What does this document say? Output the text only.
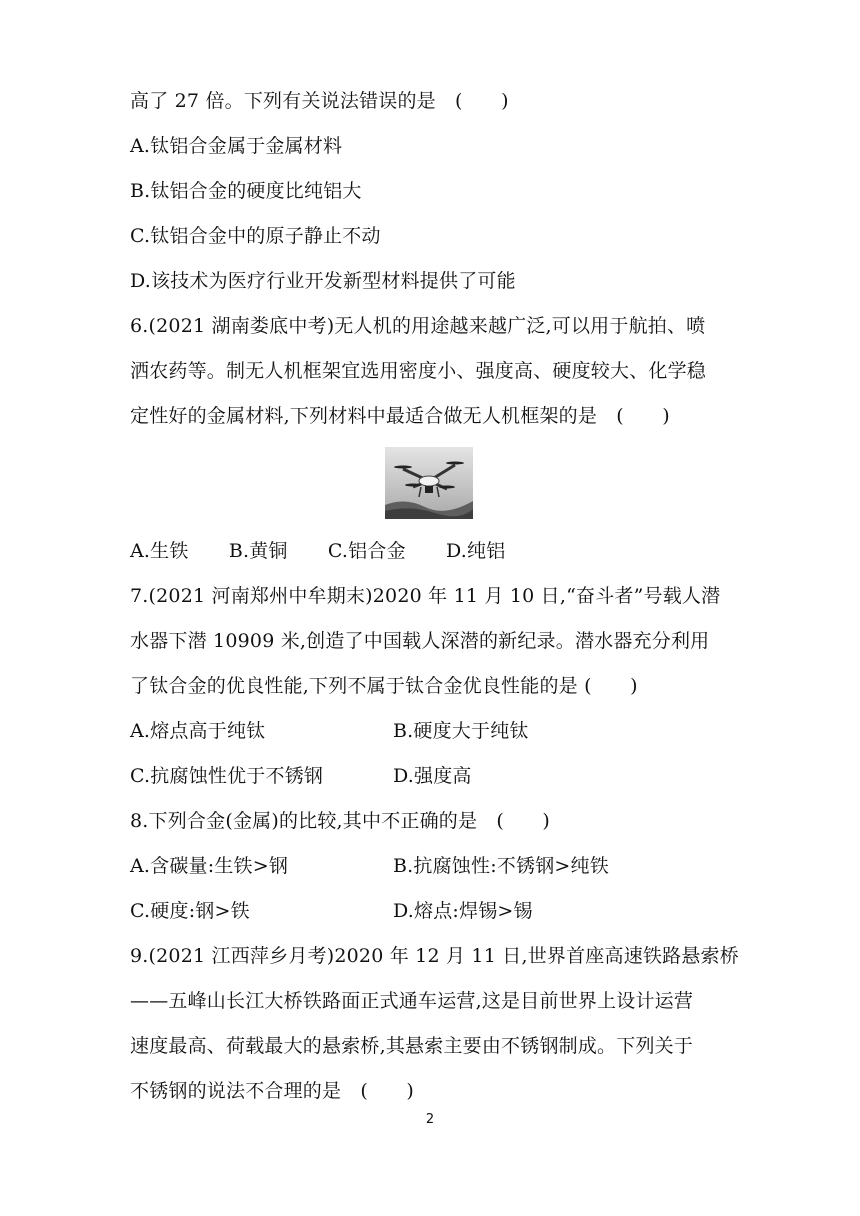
高了 27 倍。下列有关说法错误的是　(　　)
A.钛铝合金属于金属材料
B.钛铝合金的硬度比纯铝大
C.钛铝合金中的原子静止不动
D.该技术为医疗行业开发新型材料提供了可能
6.(2021 湖南娄底中考)无人机的用途越来越广泛,可以用于航拍、喷
洒农药等。制无人机框架宜选用密度小、强度高、硬度较大、化学稳
定性好的金属材料,下列材料中最适合做无人机框架的是　(　　)
A.生铁 B.黄铜 C.铝合金 D.纯铝
7.(2021 河南郑州中牟期末)2020 年 11 月 10 日,“奋斗者”号载人潜
水器下潜 10909 米,创造了中国载人深潜的新纪录。潜水器充分利用
了钛合金的优良性能,下列不属于钛合金优良性能的是 (　　)
A.熔点高于纯钛	B.硬度大于纯钛
C.抗腐蚀性优于不锈钢	D.强度高
8.下列合金(金属)的比较,其中不正确的是　(　　)
A.含碳量:生铁>钢	B.抗腐蚀性:不锈钢>纯铁
C.硬度:钢>铁	D.熔点:焊锡>锡
9.(2021 江西萍乡月考)2020 年 12 月 11 日,世界首座高速铁路悬索桥
——五峰山长江大桥铁路面正式通车运营,这是目前世界上设计运营
速度最高、荷载最大的悬索桥,其悬索主要由不锈钢制成。下列关于
不锈钢的说法不合理的是　(　　)
2
